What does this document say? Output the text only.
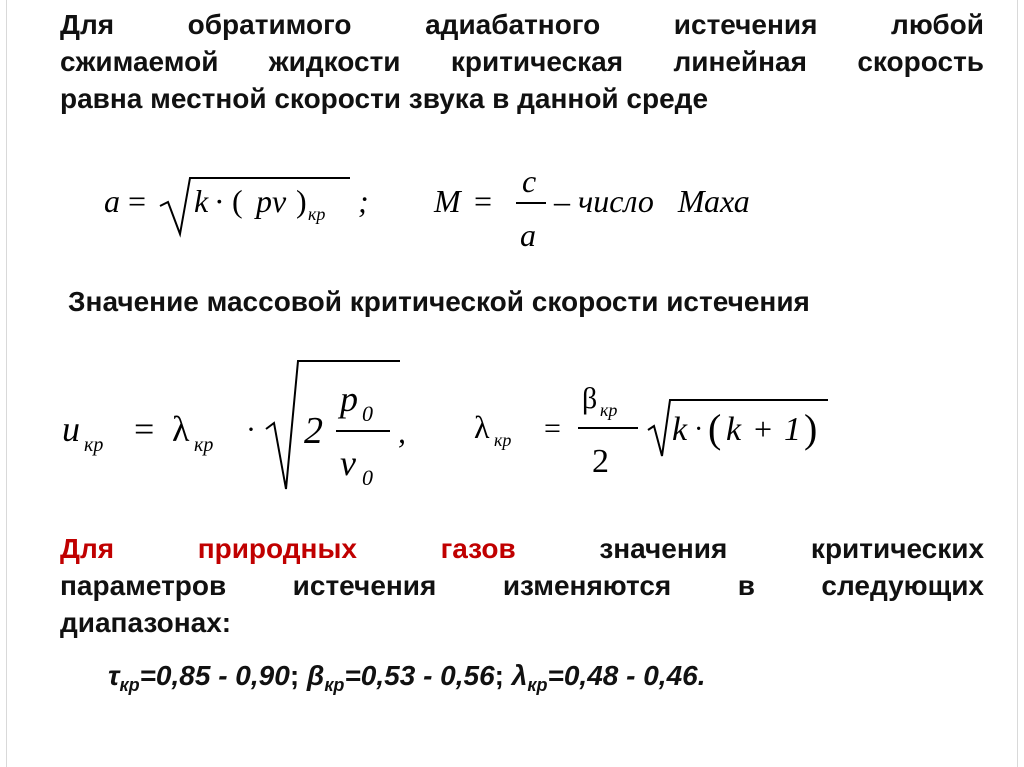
Для обратимого адиабатного истечения любой
сжимаемой жидкости критическая линейная скорость
равна местной скорости звука в данной среде
a = k · ( pv ) кр ; M =
c
a
– число   Маха
Значение массовой критической скорости истечения
u кр = λ кр · 2
p 0
v 0
, λ кр =
β кр
2
k · ( k + 1 )
Для	природных	газов	значения критических
параметров истечения изменяются в следующих
диапазонах:
$\tau_{кр}=0,85 - 0,90$; $\beta_{кр}=0,53 - 0,56$; $\lambda_{кр}=0,48 - 0,46$.
